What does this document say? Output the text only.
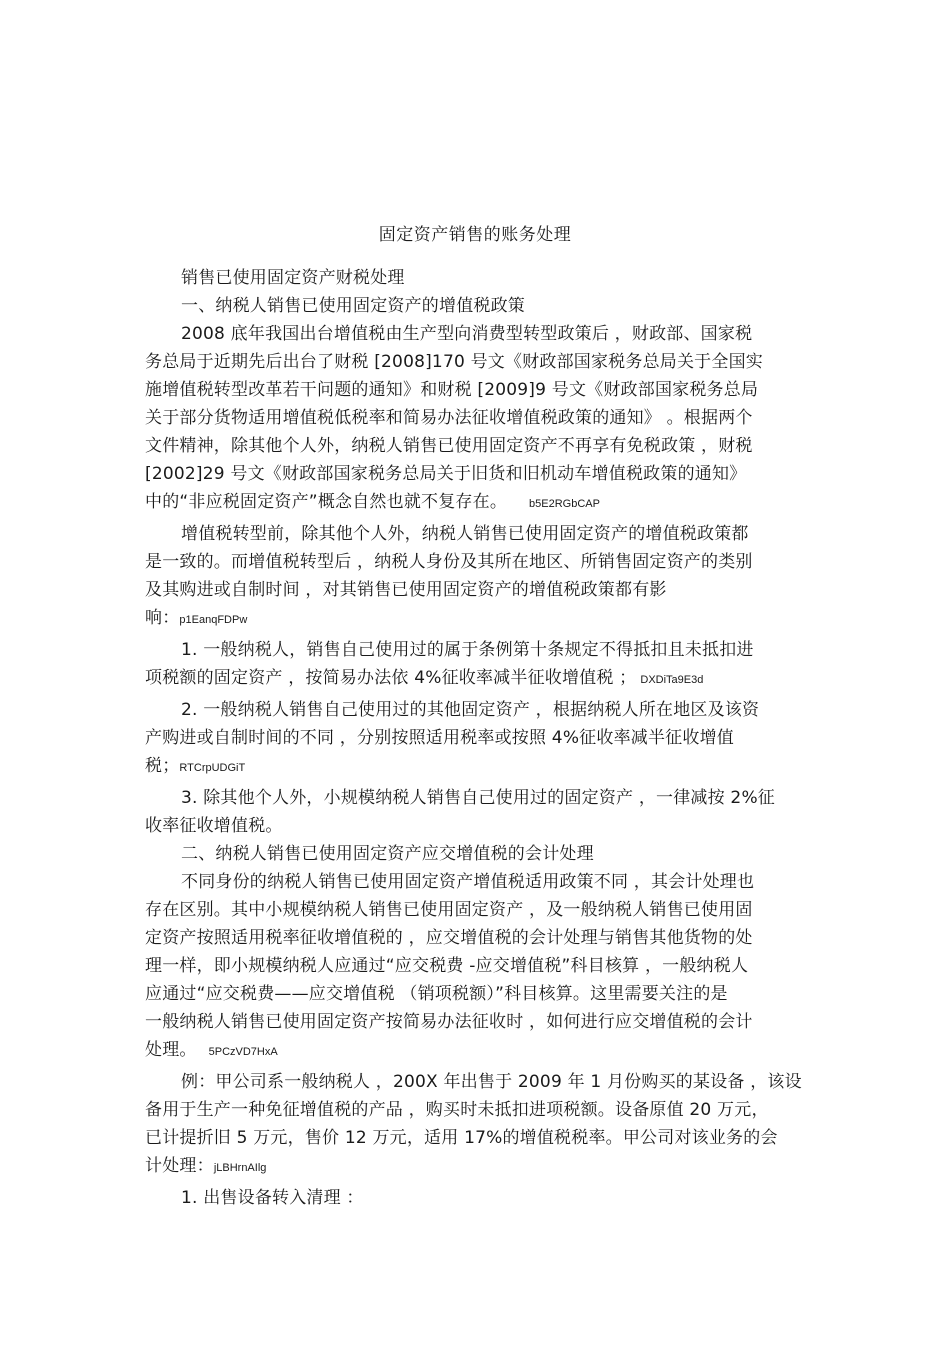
固定资产销售的账务处理
销售已使用固定资产财税处理
一、纳税人销售已使用固定资产的增值税政策
2008 底年我国出台增值税由生产型向消费型转型政策后 ，财政部、国家税
务总局于近期先后出台了财税 [2008]170 号文《财政部国家税务总局关于全国实
施增值税转型改革若干问题的通知》和财税 [2009]9 号文《财政部国家税务总局
关于部分货物适用增值税低税率和简易办法征收增值税政策的通知》 。根据两个
文件精神，除其他个人外，纳税人销售已使用固定资产不再享有免税政策 ，财税
[2002]29 号文《财政部国家税务总局关于旧货和旧机动车增值税政策的通知》
中的“非应税固定资产”概念自然也就不复存在。 b5E2RGbCAP
增值税转型前，除其他个人外，纳税人销售已使用固定资产的增值税政策都
是一致的。而增值税转型后 ，纳税人身份及其所在地区、所销售固定资产的类别
及其购进或自制时间 ，对其销售已使用固定资产的增值税政策都有影
响：p1EanqFDPw
1. 一般纳税人，销售自己使用过的属于条例第十条规定不得抵扣且未抵扣进
项税额的固定资产 ，按简易办法依 4%征收率减半征收增值税 ； DXDiTa9E3d
2. 一般纳税人销售自己使用过的其他固定资产 ，根据纳税人所在地区及该资
产购进或自制时间的不同 ，分别按照适用税率或按照 4%征收率减半征收增值
税；RTCrpUDGiT
3. 除其他个人外，小规模纳税人销售自己使用过的固定资产 ，一律减按 2%征
收率征收增值税。
二、纳税人销售已使用固定资产应交增值税的会计处理
不同身份的纳税人销售已使用固定资产增值税适用政策不同 ，其会计处理也
存在区别。其中小规模纳税人销售已使用固定资产 ，及一般纳税人销售已使用固
定资产按照适用税率征收增值税的 ，应交增值税的会计处理与销售其他货物的处
理一样，即小规模纳税人应通过“应交税费 -应交增值税”科目核算 ，一般纳税人
应通过“应交税费——应交增值税 （销项税额）”科目核算。这里需要关注的是
一般纳税人销售已使用固定资产按简易办法征收时 ，如何进行应交增值税的会计
处理。 5PCzVD7HxA
例：甲公司系一般纳税人 ，200X 年出售于 2009 年 1 月份购买的某设备 ，该设
备用于生产一种免征增值税的产品 ，购买时未抵扣进项税额。设备原值 20 万元，
已计提折旧 5 万元，售价 12 万元，适用 17%的增值税税率。甲公司对该业务的会
计处理：jLBHrnAIlg
1. 出售设备转入清理 ：
